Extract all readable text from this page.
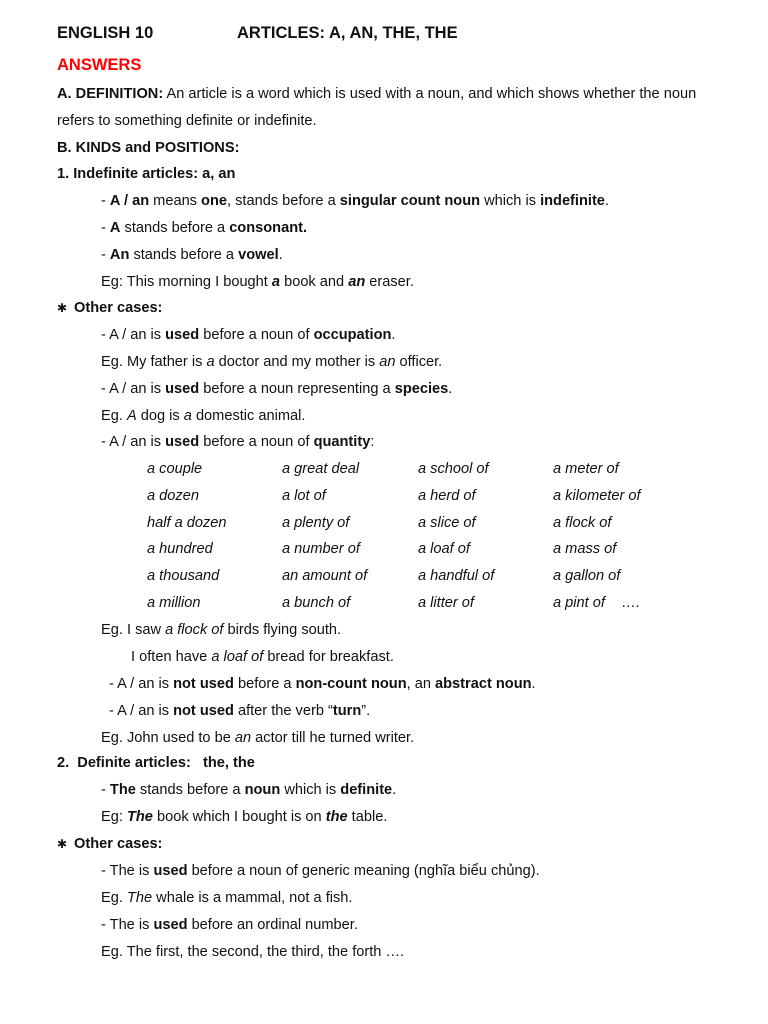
ENGLISH 10	ARTICLES: A, AN, THE, THE
ANSWERS
A. DEFINITION: An article is a word which is used with a noun, and which shows whether the noun
refers to something definite or indefinite.
B. KINDS and POSITIONS:
1. Indefinite articles: a, an
- A / an means one, stands before a singular count noun which is indefinite.
- A stands before a consonant.
- An stands before a vowel.
Eg: This morning I bought a book and an eraser.
✱ Other cases:
- A / an is used before a noun of occupation.
Eg. My father is a doctor and my mother is an officer.
- A / an is used before a noun representing a species.
Eg. A dog is a domestic animal.
- A / an is used before a noun of quantity:
a couple
a dozen
half a dozen
a hundred
a thousand
a million
a great deal
a lot of
a plenty of
a number of
an amount of
a bunch of
a school of
a herd of
a slice of
a loaf of
a handful of
a litter of
a meter of
a kilometer of
a flock of
a mass of
a gallon of
a pint of ….
Eg. I saw a flock of birds flying south.
I often have a loaf of bread for breakfast.
- A / an is not used before a non-count noun, an abstract noun.
- A / an is not used after the verb “turn”.
Eg. John used to be an actor till he turned writer.
2.  Definite articles:   the, the
- The stands before a noun which is definite.
Eg: The book which I bought is on the table.
✱ Other cases:
- The is used before a noun of generic meaning (nghĩa biểu chủng).
Eg. The whale is a mammal, not a fish.
- The is used before an ordinal number.
Eg. The first, the second, the third, the forth ….
